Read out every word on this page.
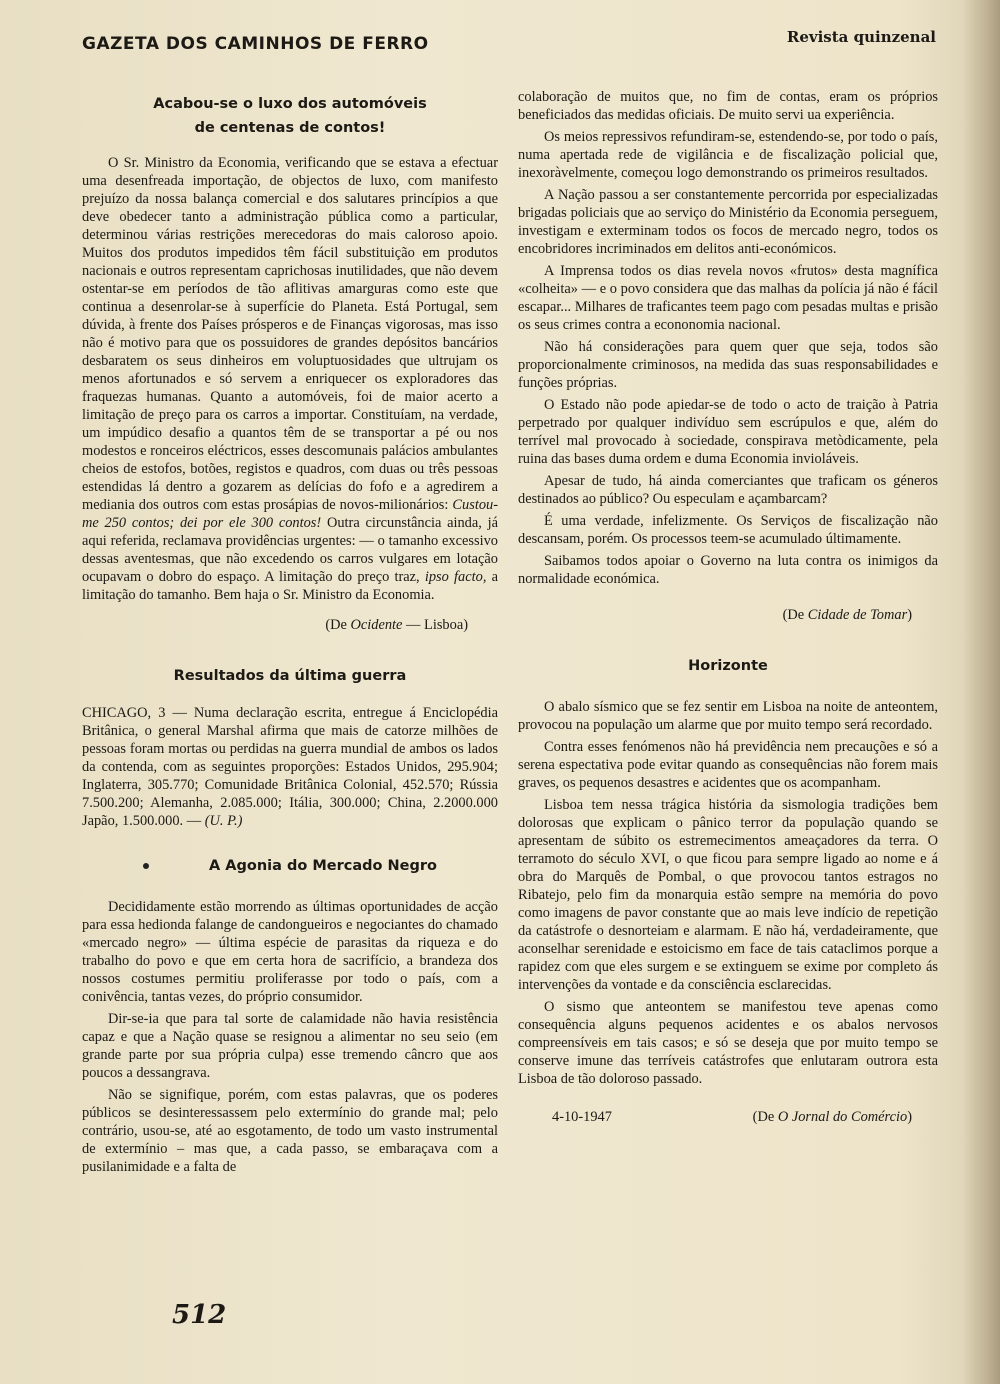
GAZETA DOS CAMINHOS DE FERRO	Revista quinzenal
Acabou-se o luxo dos automóveis
de centenas de contos!

O Sr. Ministro da Economia, verificando que se estava a efectuar uma desenfreada importação, de objectos de luxo, com manifesto prejuízo da nossa balança comercial e dos salutares princípios a que deve obedecer tanto a administração pública como a particular, determinou várias restrições merecedoras do mais caloroso apoio. Muitos dos produtos impedidos têm fácil substituição em produtos nacionais e outros representam caprichosas inutilidades, que não devem ostentar-se em períodos de tão aflitivas amarguras como este que continua a desenrolar-se à superfície do Planeta. Está Portugal, sem dúvida, à frente dos Países prósperos e de Finanças vigorosas, mas isso não é motivo para que os possuidores de grandes depósitos bancários desbaratem os seus dinheiros em voluptuosidades que ultrujam os menos afortunados e só servem a enriquecer os exploradores das fraquezas humanas. Quanto a automóveis, foi de maior acerto a limitação de preço para os carros a importar. Constituíam, na verdade, um impúdico desafio a quantos têm de se transportar a pé ou nos modestos e ronceiros eléctricos, esses descomunais palácios ambulantes cheios de estofos, botões, registos e quadros, com duas ou três pessoas estendidas lá dentro a gozarem as delícias do fofo e a agredirem a mediania dos outros com estas prosápias de novos-milionários: Custou-me 250 contos; dei por ele 300 contos! Outra circunstância ainda, já aqui referida, reclamava providências urgentes: — o tamanho excessivo dessas aventesmas, que não excedendo os carros vulgares em lotação ocupavam o dobro do espaço. A limitação do preço traz, ipso facto, a limitação do tamanho. Bem haja o Sr. Ministro da Economia.

(De Ocidente — Lisboa)
Resultados da última guerra

CHICAGO, 3 — Numa declaração escrita, entregue á Enciclopédia Britânica, o general Marshal afirma que mais de catorze milhões de pessoas foram mortas ou perdidas na guerra mundial de ambos os lados da contenda, com as seguintes proporções: Estados Unidos, 295.904; Inglaterra, 305.770; Comunidade Britânica Colonial, 452.570; Rússia 7.500.200; Alemanha, 2.085.000; Itália, 300.000; China, 2.2000.000 Japão, 1.500.000. — (U. P.)

A Agonia do Mercado Negro

Decididamente estão morrendo as últimas oportunidades de acção para essa hedionda falange de candongueiros e negociantes do chamado «mercado negro» — última espécie de parasitas da riqueza e do trabalho do povo e que em certa hora de sacrifício, a brandeza dos nossos costumes permitiu proliferasse por todo o país, com a conivência, tantas vezes, do próprio consumidor.

Dir-se-ia que para tal sorte de calamidade não havia resistência capaz e que a Nação quase se resignou a alimentar no seu seio (em grande parte por sua própria culpa) esse tremendo câncro que aos poucos a dessangrava.

Não se signifique, porém, com estas palavras, que os poderes públicos se desinteressassem pelo extermínio do grande mal; pelo contrário, usou-se, até ao esgotamento, de todo um vasto instrumental de extermínio – mas que, a cada passo, se embaraçava com a pusilanimidade e a falta de

colaboração de muitos que, no fim de contas, eram os próprios beneficiados das medidas oficiais. De muito servi ua experiência.

Os meios repressivos refundiram-se, estendendo-se, por todo o país, numa apertada rede de vigilância e de fiscalização policial que, inexoràvelmente, começou logo demonstrando os primeiros resultados.

A Nação passou a ser constantemente percorrida por especializadas brigadas policiais que ao serviço do Ministério da Economia perseguem, investigam e exterminam todos os focos de mercado negro, todos os encobridores incriminados em delitos anti-económicos.

A Imprensa todos os dias revela novos «frutos» desta magnífica «colheita» — e o povo considera que das malhas da polícia já não é fácil escapar... Milhares de traficantes teem pago com pesadas multas e prisão os seus crimes contra a econonomia nacional.

Não há considerações para quem quer que seja, todos são proporcionalmente criminosos, na medida das suas responsabilidades e funções próprias.

O Estado não pode apiedar-se de todo o acto de traição à Patria perpetrado por qualquer indivíduo sem escrúpulos e que, além do terrível mal provocado à sociedade, conspirava metòdicamente, pela ruina das bases duma ordem e duma Economia invioláveis.

Apesar de tudo, há ainda comerciantes que traficam os géneros destinados ao público? Ou especulam e açambarcam?

É uma verdade, infelizmente. Os Serviços de fiscalização não descansam, porém. Os processos teem-se acumulado últimamente.

Saibamos todos apoiar o Governo na luta contra os inimigos da normalidade económica.

(De Cidade de Tomar)
Horizonte

O abalo sísmico que se fez sentir em Lisboa na noite de anteontem, provocou na população um alarme que por muito tempo será recordado.

Contra esses fenómenos não há previdência nem precauções e só a serena espectativa pode evitar quando as consequências não forem mais graves, os pequenos desastres e acidentes que os acompanham.

Lisboa tem nessa trágica história da sismologia tradições bem dolorosas que explicam o pânico terror da população quando se apresentam de súbito os estremecimentos ameaçadores da terra. O terramoto do século XVI, o que ficou para sempre ligado ao nome e á obra do Marquês de Pombal, o que provocou tantos estragos no Ribatejo, pelo fim da monarquia estão sempre na memória do povo como imagens de pavor constante que ao mais leve indício de repetição da catástrofe o desnorteiam e alarmam. E não há, verdadeiramente, que aconselhar serenidade e estoicismo em face de tais cataclimos porque a rapidez com que eles surgem e se extinguem se exime por completo ás intervenções da vontade e da consciência esclarecidas.

O sismo que anteontem se manifestou teve apenas como consequência alguns pequenos acidentes e os abalos nervosos compreensíveis em tais casos; e só se deseja que por muito tempo se conserve imune das terríveis catástrofes que enlutaram outrora esta Lisboa de tão doloroso passado.

4-10-1947	(De O Jornal do Comércio)
512
